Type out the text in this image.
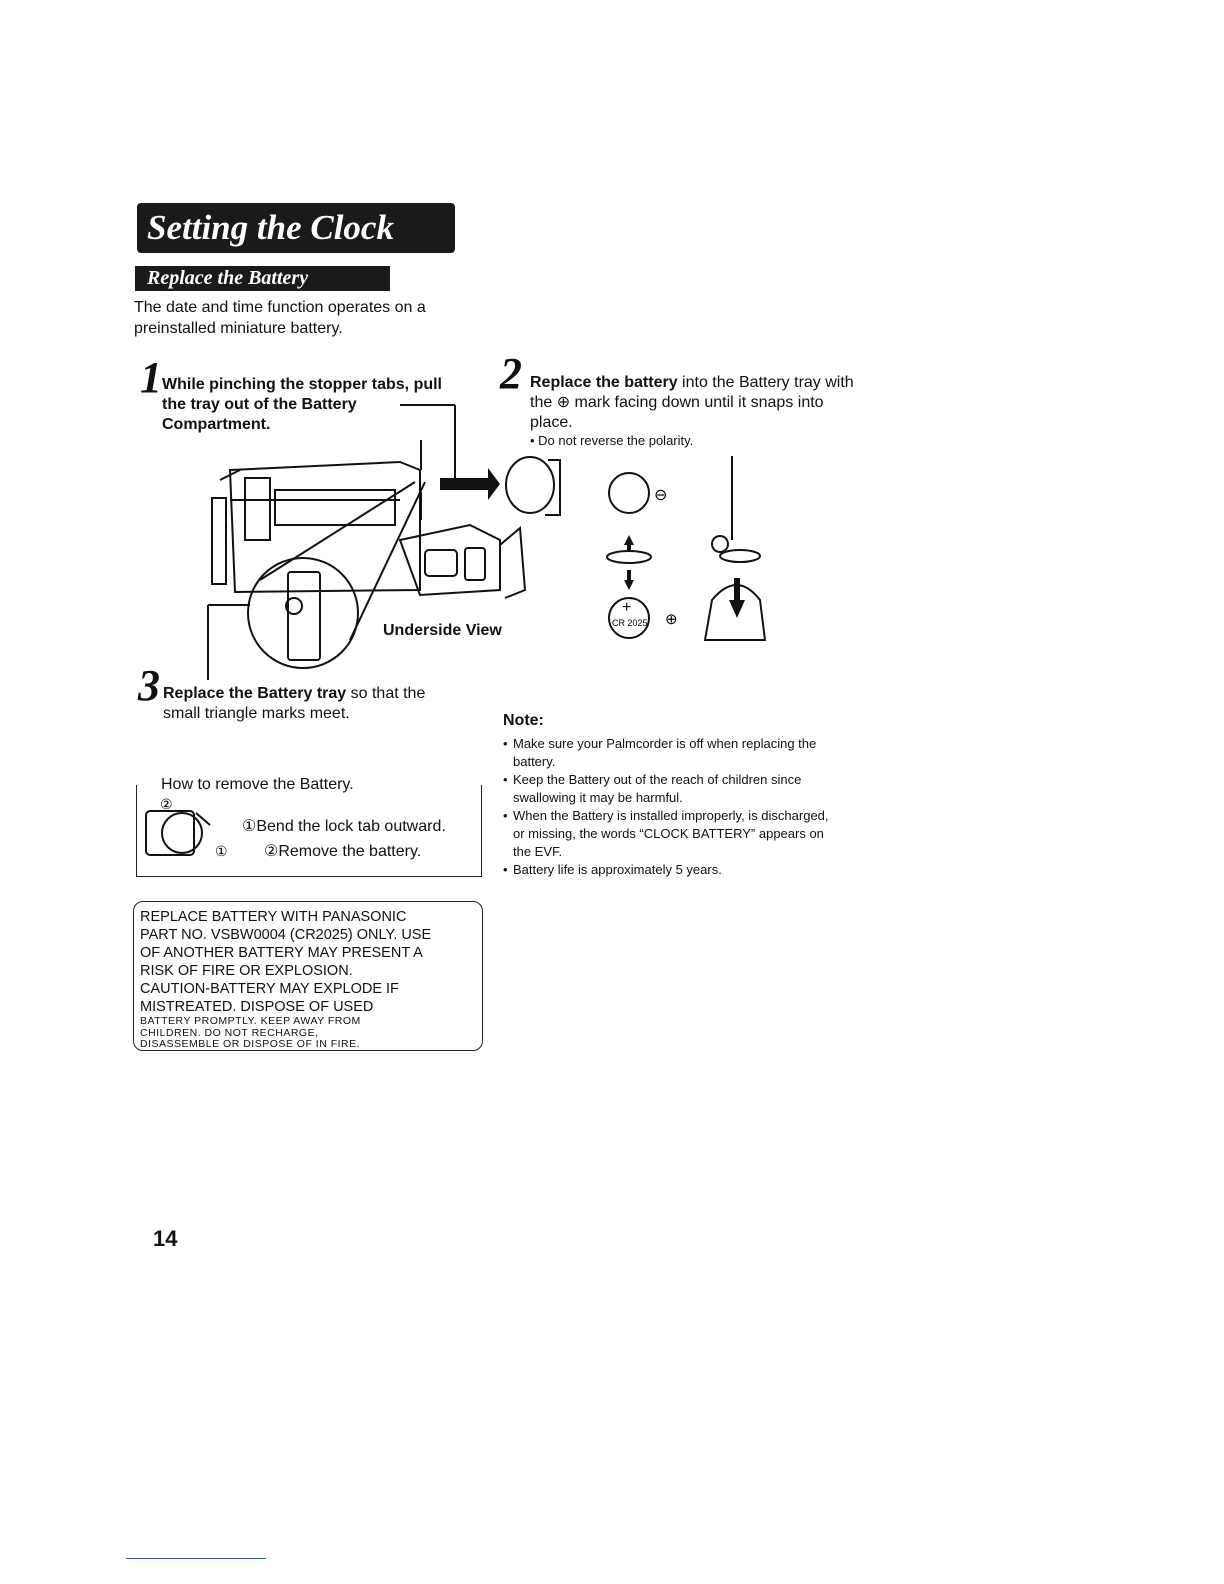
Setting the Clock
Replace the Battery
The date and time function operates on a
preinstalled miniature battery.
1 While pinching the stopper tabs, pull the tray out of the Battery Compartment.
2 Replace the battery into the Battery tray with the ⊕ mark facing down until it snaps into place.
• Do not reverse the polarity.
⊖
+
CR 2025 ⊕
Underside View
3 Replace the Battery tray so that the small triangle marks meet.
How to remove the Battery.
②
①
①Bend the lock tab outward.
②Remove the battery.
Note:
• Make sure your Palmcorder is off when replacing the battery.
• Keep the Battery out of the reach of children since swallowing it may be harmful.
• When the Battery is installed improperly, is discharged, or missing, the words “CLOCK BATTERY” appears on the EVF.
• Battery life is approximately 5 years.
REPLACE BATTERY WITH PANASONIC
PART NO. VSBW0004 (CR2025) ONLY. USE
OF ANOTHER BATTERY MAY PRESENT A
RISK OF FIRE OR EXPLOSION.
CAUTION-BATTERY MAY EXPLODE IF
MISTREATED. DISPOSE OF USED
BATTERY PROMPTLY. KEEP AWAY FROM
CHILDREN. DO NOT RECHARGE,
DISASSEMBLE OR DISPOSE OF IN FIRE.
14
